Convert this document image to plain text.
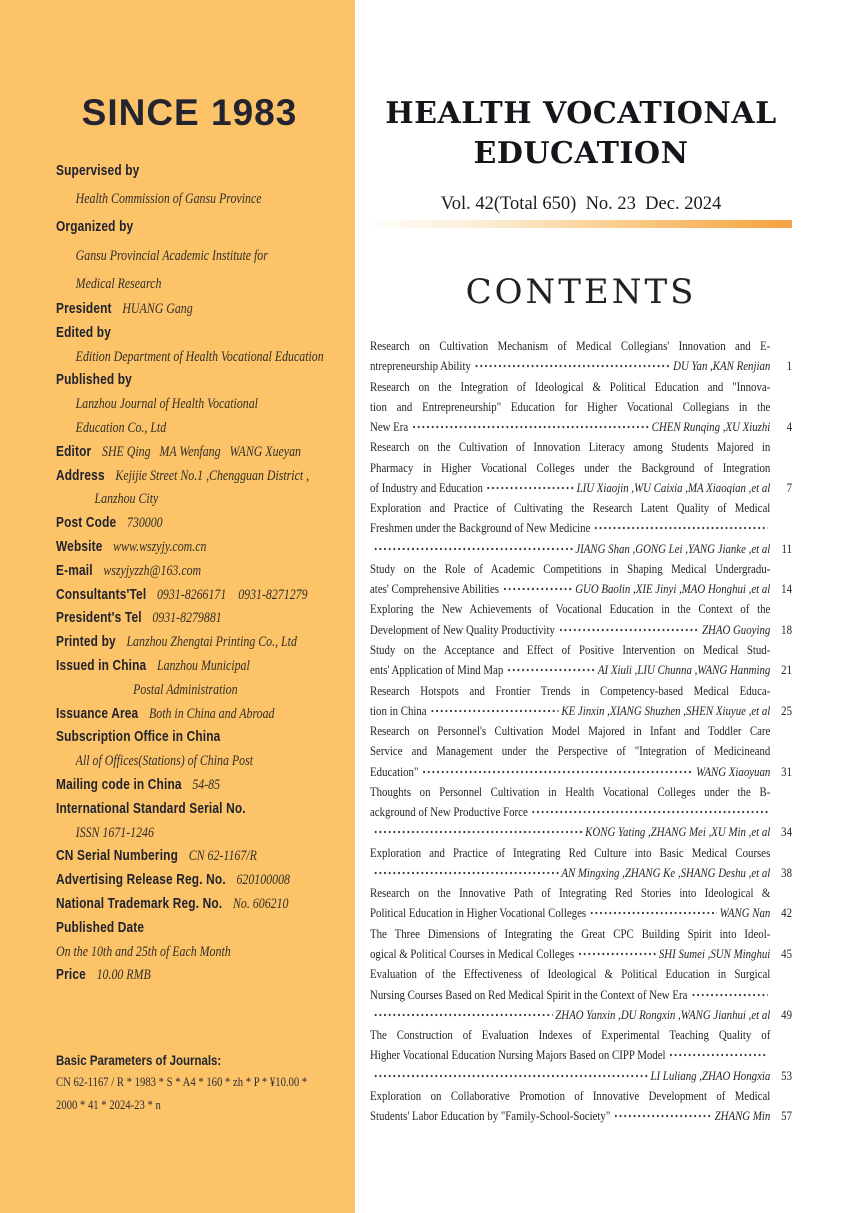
SINCE 1983
Supervised by
Health Commission of Gansu Province
Organized by
Gansu Provincial Academic Institute for
Medical Research
President HUANG Gang
Edited by
Edition Department of Health Vocational Education
Published by
Lanzhou Journal of Health Vocational
Education Co., Ltd
Editor SHE Qing   MA Wenfang   WANG Xueyan
Address Kejijie Street No.1 ,Chengguan District ,
Lanzhou City
Post Code 730000
Website www.wszyjy.com.cn
E-mail wszyjyzzh@163.com
Consultants'Tel 0931-8266171    0931-8271279
President's Tel 0931-8279881
Printed by Lanzhou Zhengtai Printing Co., Ltd
Issued in China Lanzhou Municipal
Postal Administration
Issuance Area Both in China and Abroad
Subscription Office in China
All of Offices(Stations) of China Post
Mailing code in China 54-85
International Standard Serial No.
ISSN 1671-1246
CN Serial Numbering CN 62-1167/R
Advertising Release Reg. No. 620100008
National Trademark Reg. No. No. 606210
Published Date
On the 10th and 25th of Each Month
Price 10.00 RMB
Basic Parameters of Journals:
CN 62-1167 / R * 1983 * S * A4 * 160 * zh * P * ¥10.00 *
2000 * 41 * 2024-23 * n
HEALTH VOCATIONAL
EDUCATION
Vol. 42(Total 650)  No. 23  Dec. 2024
CONTENTS
Research on Cultivation Mechanism of Medical Collegians' Innovation and E-
ntrepreneurship Ability	DU Yan ,KAN Renjian	1
Research on the Integration of Ideological & Political Education and "Innova-
tion and Entrepreneurship" Education for Higher Vocational Collegians in the
New Era	CHEN Runqing ,XU Xiuzhi	4
Research on the Cultivation of Innovation Literacy among Students Majored in
Pharmacy in Higher Vocational Colleges under the Background of Integration
of Industry and Education	LIU Xiaojin ,WU Caixia ,MA Xiaoqian ,et al	7
Exploration and Practice of Cultivating the Research Latent Quality of Medical
Freshmen under the Background of New Medicine
JIANG Shan ,GONG Lei ,YANG Jianke ,et al 11
Study on the Role of Academic Competitions in Shaping Medical Undergradu-
ates' Comprehensive Abilities	GUO Baolin ,XIE Jinyi ,MAO Honghui ,et al 14
Exploring the New Achievements of Vocational Education in the Context of the
Development of New Quality Productivity	ZHAO Guoying 18
Study on the Acceptance and Effect of Positive Intervention on Medical Stud-
ents' Application of Mind Map	AI Xiuli ,LIU Chunna ,WANG Hanming 21
Research Hotspots and Frontier Trends in Competency-based Medical Educa-
tion in China	KE Jinxin ,XIANG Shuzhen ,SHEN Xiuyue ,et al 25
Research on Personnel's Cultivation Model Majored in Infant and Toddler Care
Service and Management under the Perspective of "Integration of Medicineand
Education"	WANG Xiaoyuan 31
Thoughts on Personnel Cultivation in Health Vocational Colleges under the B-
ackground of New Productive Force
KONG Yating ,ZHANG Mei ,XU Min ,et al 34
Exploration and Practice of Integrating Red Culture into Basic Medical Courses
AN Mingxing ,ZHANG Ke ,SHANG Deshu ,et al 38
Research on the Innovative Path of Integrating Red Stories into Ideological &
Political Education in Higher Vocational Colleges	WANG Nan 42
The Three Dimensions of Integrating the Great CPC Building Spirit into Ideol-
ogical & Political Courses in Medical Colleges	SHI Sumei ,SUN Minghui 45
Evaluation of the Effectiveness of Ideological & Political Education in Surgical
Nursing Courses Based on Red Medical Spirit in the Context of New Era
ZHAO Yanxin ,DU Rongxin ,WANG Jianhui ,et al 49
The Construction of Evaluation Indexes of Experimental Teaching Quality of
Higher Vocational Education Nursing Majors Based on CIPP Model
LI Luliang ,ZHAO Hongxia 53
Exploration on Collaborative Promotion of Innovative Development of Medical
Students' Labor Education by "Family-School-Society"	ZHANG Min 57
